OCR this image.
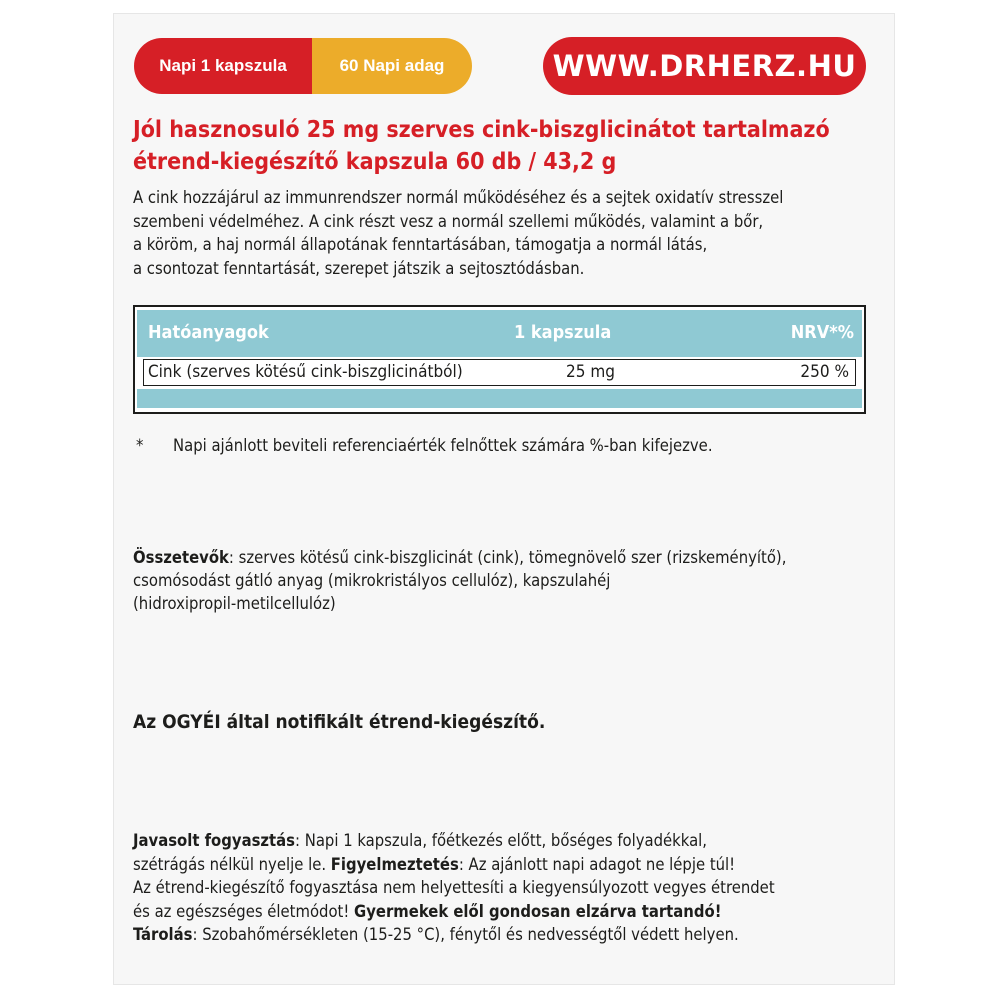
Napi 1 kapszula	60 Napi adag	WWW.DRHERZ.HU
Jól hasznosuló 25 mg szerves cink-biszglicinátot tartalmazó
étrend-kiegészítő kapszula 60 db / 43,2 g
A cink hozzájárul az immunrendszer normál működéséhez és a sejtek oxidatív stresszel
szembeni védelméhez. A cink részt vesz a normál szellemi működés, valamint a bőr,
a köröm, a haj normál állapotának fenntartásában, támogatja a normál látás,
a csontozat fenntartását, szerepet játszik a sejtosztódásban.
Hatóanyagok	1 kapszula	NRV*%
Cink (szerves kötésű cink-biszglicinátból)	25 mg	250 %
* Napi ajánlott beviteli referenciaérték felnőttek számára %-ban kifejezve.
Összetevők: szerves kötésű cink-biszglicinát (cink), tömegnövelő szer (rizskeményítő),
csomósodást gátló anyag (mikrokristályos cellulóz), kapszulahéj
(hidroxipropil-metilcellulóz)
Az OGYÉI által notifikált étrend-kiegészítő.
Javasolt fogyasztás: Napi 1 kapszula, főétkezés előtt, bőséges folyadékkal,
szétrágás nélkül nyelje le. Figyelmeztetés: Az ajánlott napi adagot ne lépje túl!
Az étrend-kiegészítő fogyasztása nem helyettesíti a kiegyensúlyozott vegyes étrendet
és az egészséges életmódot! Gyermekek elől gondosan elzárva tartandó!
Tárolás: Szobahőmérsékleten (15-25 °C), fénytől és nedvességtől védett helyen.
